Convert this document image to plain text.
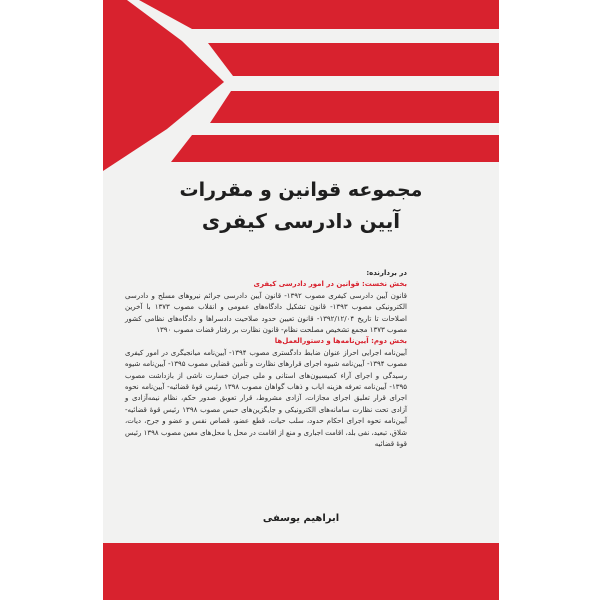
مجموعه قوانین و مقررات
آیین دادرسی کیفری

در بردارنده:

بخش نخست: قوانین در امور دادرسی کیفری

قانون آیین دادرسی کیفری مصوب ۱۳۹۲- قانون آیین دادرسی جرائم نیروهای مسلح و دادرسی الکترونیکی مصوب ۱۳۹۳- قانون تشکیل دادگاه‌های عمومی و انقلاب مصوب ۱۳۷۳ با آخرین اصلاحات تا تاریخ ۱۳۹۲/۱۲/۰۴- قانون تعیین حدود صلاحیت دادسراها و دادگاه‌های نظامی کشور مصوب ۱۳۷۳ مجمع تشخیص مصلحت نظام- قانون نظارت بر رفتار قضات مصوب ۱۳۹۰

بخش دوم: آیین‌نامه‌ها و دستورالعمل‌ها

آیین‌نامه اجرایی احراز عنوان ضابط دادگستری مصوب ۱۳۹۴- آیین‌نامه میانجیگری در امور کیفری مصوب ۱۳۹۴- آیین‌نامه شیوه اجرای قرارهای نظارت و تأمین قضایی مصوب ۱۳۹۵- آیین‌نامه شیوه رسیدگی و اجرای آراء کمیسیون‌های استانی و ملی جبران خسارت ناشی از بازداشت مصوب ۱۳۹۵- آیین‌نامه تعرفه هزینه ایاب و ذهاب گواهان مصوب ۱۳۹۸ رئیس قوهٔ قضائیه- آیین‌نامه نحوه اجرای قرار تعلیق اجرای مجازات، آزادی مشروط، قرار تعویق صدور حکم، نظام نیمه‌آزادی و آزادی تحت نظارت سامانه‌های الکترونیکی و جایگزین‌های حبس مصوب ۱۳۹۸ رئیس قوهٔ قضائیه- آیین‌نامه نحوه اجرای احکام حدود، سلب حیات، قطع عضو، قصاص نفس و عضو و جرح، دیات، شلاق، تبعید، نفی بلد، اقامت اجباری و منع از اقامت در محل یا محل‌های معین مصوب ۱۳۹۸ رئیس قوهٔ قضائیه

ابراهیم یوسفی
